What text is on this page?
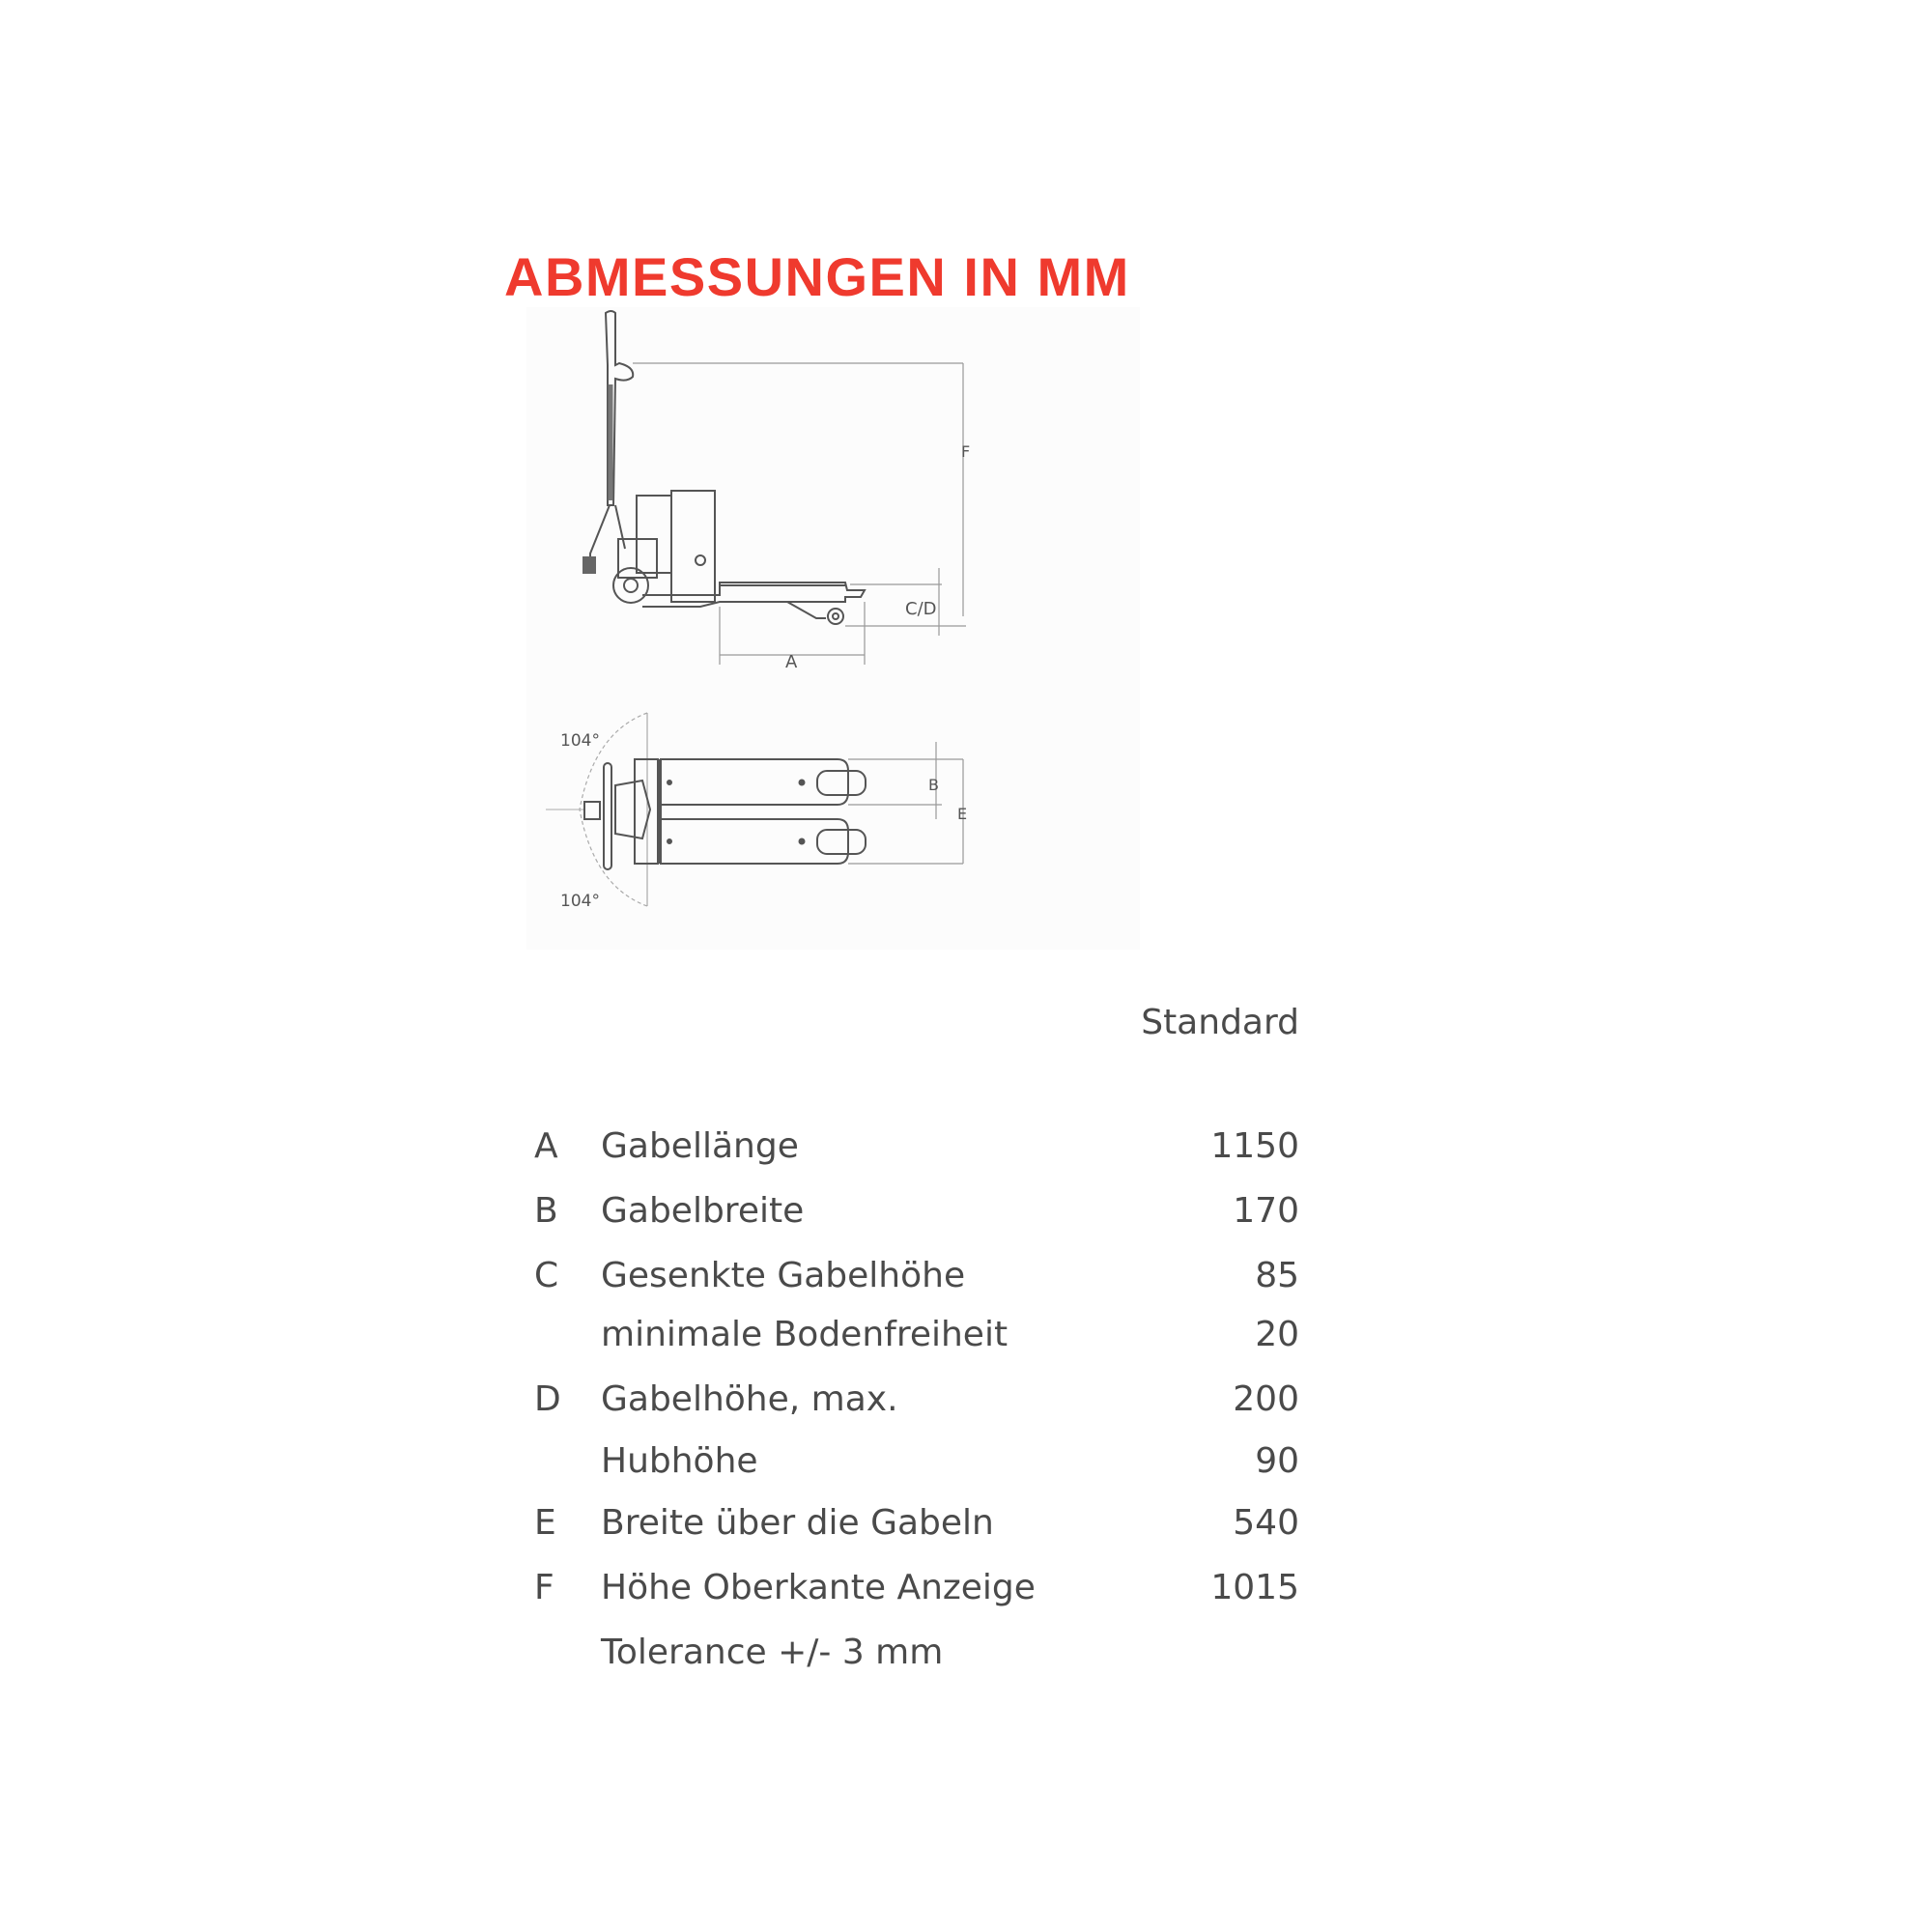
ABMESSUNGEN IN MM
F
C/D
A
104°
104°
B
E
Standard
A Gabellänge	1150
B Gabelbreite	170
C Gesenkte Gabelhöhe	85
minimale Bodenfreiheit	20
D Gabelhöhe, max.	200
Hubhöhe	90
E Breite über die Gabeln	540
F Höhe Oberkante Anzeige	1015
Tolerance +/- 3 mm
